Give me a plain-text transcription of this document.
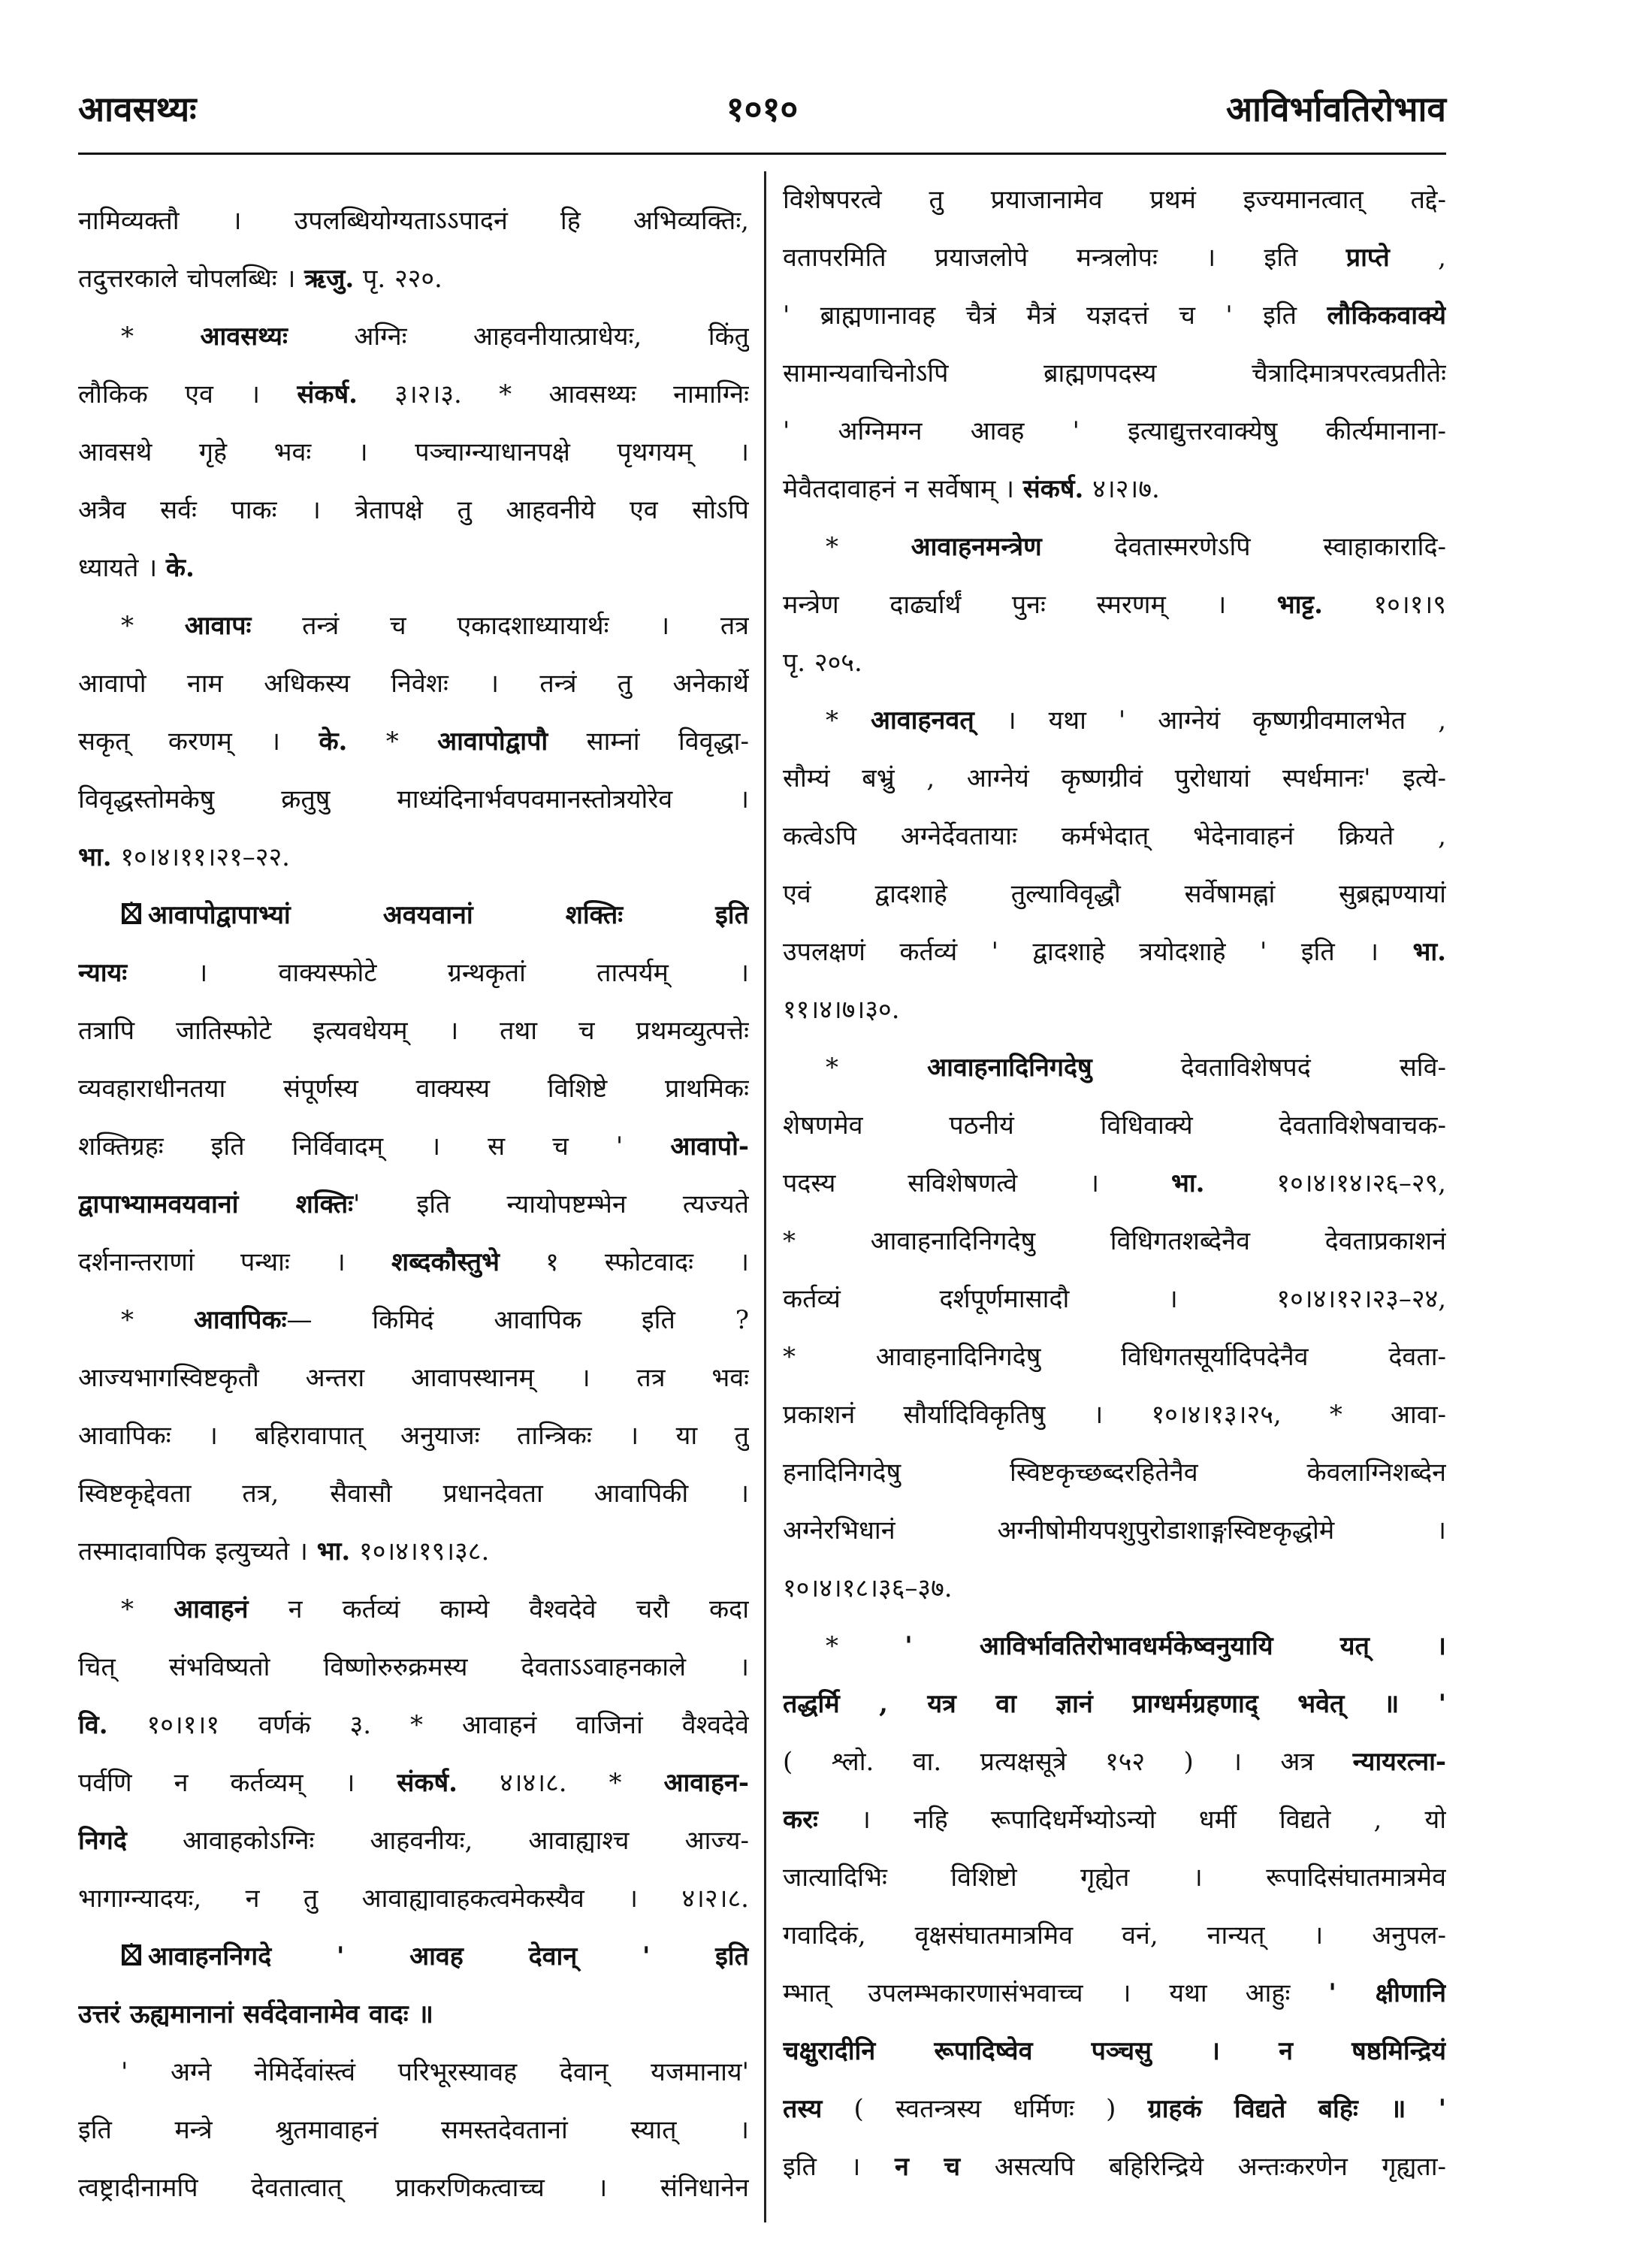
आवसथ्यः	१०१०	आविर्भावतिरोभाव
नामिव्यक्तौ । उपलब्धियोग्यताऽऽपादनं हि अभिव्यक्तिः,
तदुत्तरकाले चोपलब्धिः । ऋजु. पृ. २२०.
* आवसथ्यः अग्निः आहवनीयात्प्राधेयः, किंतु
लौकिक एव । संकर्ष. ३।२।३. * आवसथ्यः नामाग्निः
आवसथे गृहे भवः । पञ्चाग्न्याधानपक्षे पृथगयम् ।
अत्रैव सर्वः पाकः । त्रेतापक्षे तु आहवनीये एव सोऽपि
ध्यायते । के.
* आवापः तन्त्रं च एकादशाध्यायार्थः । तत्र
आवापो नाम अधिकस्य निवेशः । तन्त्रं तु अनेकार्थे
सकृत् करणम् । के. * आवापोद्वापौ साम्नां विवृद्धा-
विवृद्धस्तोमकेषु क्रतुषु माध्यंदिनार्भवपवमानस्तोत्रयोरेव ।
भा. १०।४।११।२१–२२.
आवापोद्वापाभ्यां अवयवानां शक्तिः इति
न्यायः । वाक्यस्फोटे ग्रन्थकृतां तात्पर्यम् ।
तत्रापि जातिस्फोटे इत्यवधेयम् । तथा च प्रथमव्युत्पत्तेः
व्यवहाराधीनतया संपूर्णस्य वाक्यस्य विशिष्टे प्राथमिकः
शक्तिग्रहः इति निर्विवादम् । स च ' आवापो-
द्वापाभ्यामवयवानां शक्तिः' इति न्यायोपष्टम्भेन त्यज्यते
दर्शनान्तराणां पन्थाः । शब्दकौस्तुभे १ स्फोटवादः ।
* आवापिकः— किमिदं आवापिक इति ?
आज्यभागस्विष्टकृतौ अन्तरा आवापस्थानम् । तत्र भवः
आवापिकः । बहिरावापात् अनुयाजः तान्त्रिकः । या तु
स्विष्टकृद्देवता तत्र, सैवासौ प्रधानदेवता आवापिकी ।
तस्मादावापिक इत्युच्यते । भा. १०।४।१९।३८.
* आवाहनं न कर्तव्यं काम्ये वैश्वदेवे चरौ कदा
चित् संभविष्यतो विष्णोरुरुक्रमस्य देवताऽऽवाहनकाले ।
वि. १०।१।१ वर्णकं ३. * आवाहनं वाजिनां वैश्वदेवे
पर्वणि न कर्तव्यम् । संकर्ष. ४।४।८. * आवाहन-
निगदे आवाहकोऽग्निः आहवनीयः, आवाह्याश्च आज्य-
भागाग्न्यादयः, न तु आवाह्यावाहकत्वमेकस्यैव । ४।२।८.
आवाहननिगदे ' आवह देवान् ' इति
उत्तरं ऊह्यमानानां सर्वदेवानामेव वादः ॥
' अग्ने नेमिर्देवांस्त्वं परिभूरस्यावह देवान् यजमानाय'
इति मन्त्रे श्रुतमावाहनं समस्तदेवतानां स्यात् ।
त्वष्ट्रादीनामपि देवतात्वात् प्राकरणिकत्वाच्च । संनिधानेन
विशेषपरत्वे तु प्रयाजानामेव प्रथमं इज्यमानत्वात् तद्दे-
वतापरमिति प्रयाजलोपे मन्त्रलोपः । इति प्राप्ते ,
' ब्राह्मणानावह चैत्रं मैत्रं यज्ञदत्तं च ' इति लौकिकवाक्ये
सामान्यवाचिनोऽपि ब्राह्मणपदस्य चैत्रादिमात्रपरत्वप्रतीतेः
' अग्निमग्न आवह ' इत्याद्युत्तरवाक्येषु कीर्त्यमानाना-
मेवैतदावाहनं न सर्वेषाम् । संकर्ष. ४।२।७.
* आवाहनमन्त्रेण देवतास्मरणेऽपि स्वाहाकारादि-
मन्त्रेण दार्ढ्यार्थं पुनः स्मरणम् । भाट्ट. १०।१।९
पृ. २०५.
* आवाहनवत् । यथा ' आग्नेयं कृष्णग्रीवमालभेत ,
सौम्यं बभ्रुं , आग्नेयं कृष्णग्रीवं पुरोधायां स्पर्धमानः' इत्ये-
कत्वेऽपि अग्नेर्देवतायाः कर्मभेदात् भेदेनावाहनं क्रियते ,
एवं द्वादशाहे तुल्याविवृद्धौ सर्वेषामह्नां सुब्रह्मण्यायां
उपलक्षणं कर्तव्यं ' द्वादशाहे त्रयोदशाहे ' इति । भा.
११।४।७।३०.
* आवाहनादिनिगदेषु देवताविशेषपदं सवि-
शेषणमेव पठनीयं विधिवाक्ये देवताविशेषवाचक-
पदस्य सविशेषणत्वे । भा. १०।४।१४।२६–२९,
* आवाहनादिनिगदेषु विधिगतशब्देनैव देवताप्रकाशनं
कर्तव्यं दर्शपूर्णमासादौ । १०।४।१२।२३–२४,
* आवाहनादिनिगदेषु विधिगतसूर्यादिपदेनैव देवता-
प्रकाशनं सौर्यादिविकृतिषु । १०।४।१३।२५, * आवा-
हनादिनिगदेषु स्विष्टकृच्छब्दरहितेनैव केवलाग्निशब्देन
अग्नेरभिधानं अग्नीषोमीयपशुपुरोडाशाङ्गस्विष्टकृद्धोमे ।
१०।४।१८।३६–३७.
* ' आविर्भावतिरोभावधर्मकेष्वनुयायि यत् ।
तद्धर्मि , यत्र वा ज्ञानं प्राग्धर्मग्रहणाद् भवेत् ॥ '
( श्लो. वा. प्रत्यक्षसूत्रे १५२ ) । अत्र न्यायरत्ना-
करः । नहि रूपादिधर्मेभ्योऽन्यो धर्मी विद्यते , यो
जात्यादिभिः विशिष्टो गृह्येत । रूपादिसंघातमात्रमेव
गवादिकं, वृक्षसंघातमात्रमिव वनं, नान्यत् । अनुपल-
म्भात् उपलम्भकारणासंभवाच्च । यथा आहुः ' क्षीणानि
चक्षुरादीनि रूपादिष्वेव पञ्चसु । न षष्ठमिन्द्रियं
तस्य ( स्वतन्त्रस्य धर्मिणः ) ग्राहकं विद्यते बहिः ॥ '
इति । न च असत्यपि बहिरिन्द्रिये अन्तःकरणेन गृह्यता-
